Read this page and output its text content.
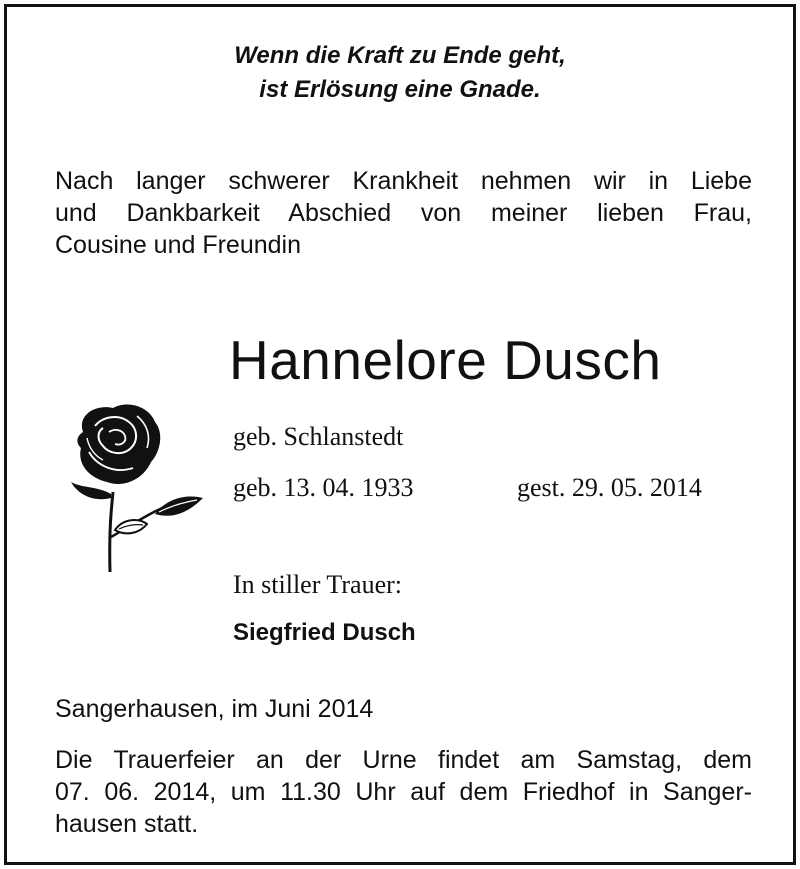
Wenn die Kraft zu Ende geht,
ist Erlösung eine Gnade.
Nach langer schwerer Krankheit nehmen wir in Liebe
und Dankbarkeit Abschied von meiner lieben Frau,
Cousine und Freundin
Hannelore Dusch
geb. Schlanstedt
geb. 13. 04. 1933	gest. 29. 05. 2014
In stiller Trauer:
Siegfried Dusch
Sangerhausen, im Juni 2014
Die Trauerfeier an der Urne findet am Samstag, dem
07. 06. 2014, um 11.30 Uhr auf dem Friedhof in Sanger-
hausen statt.
